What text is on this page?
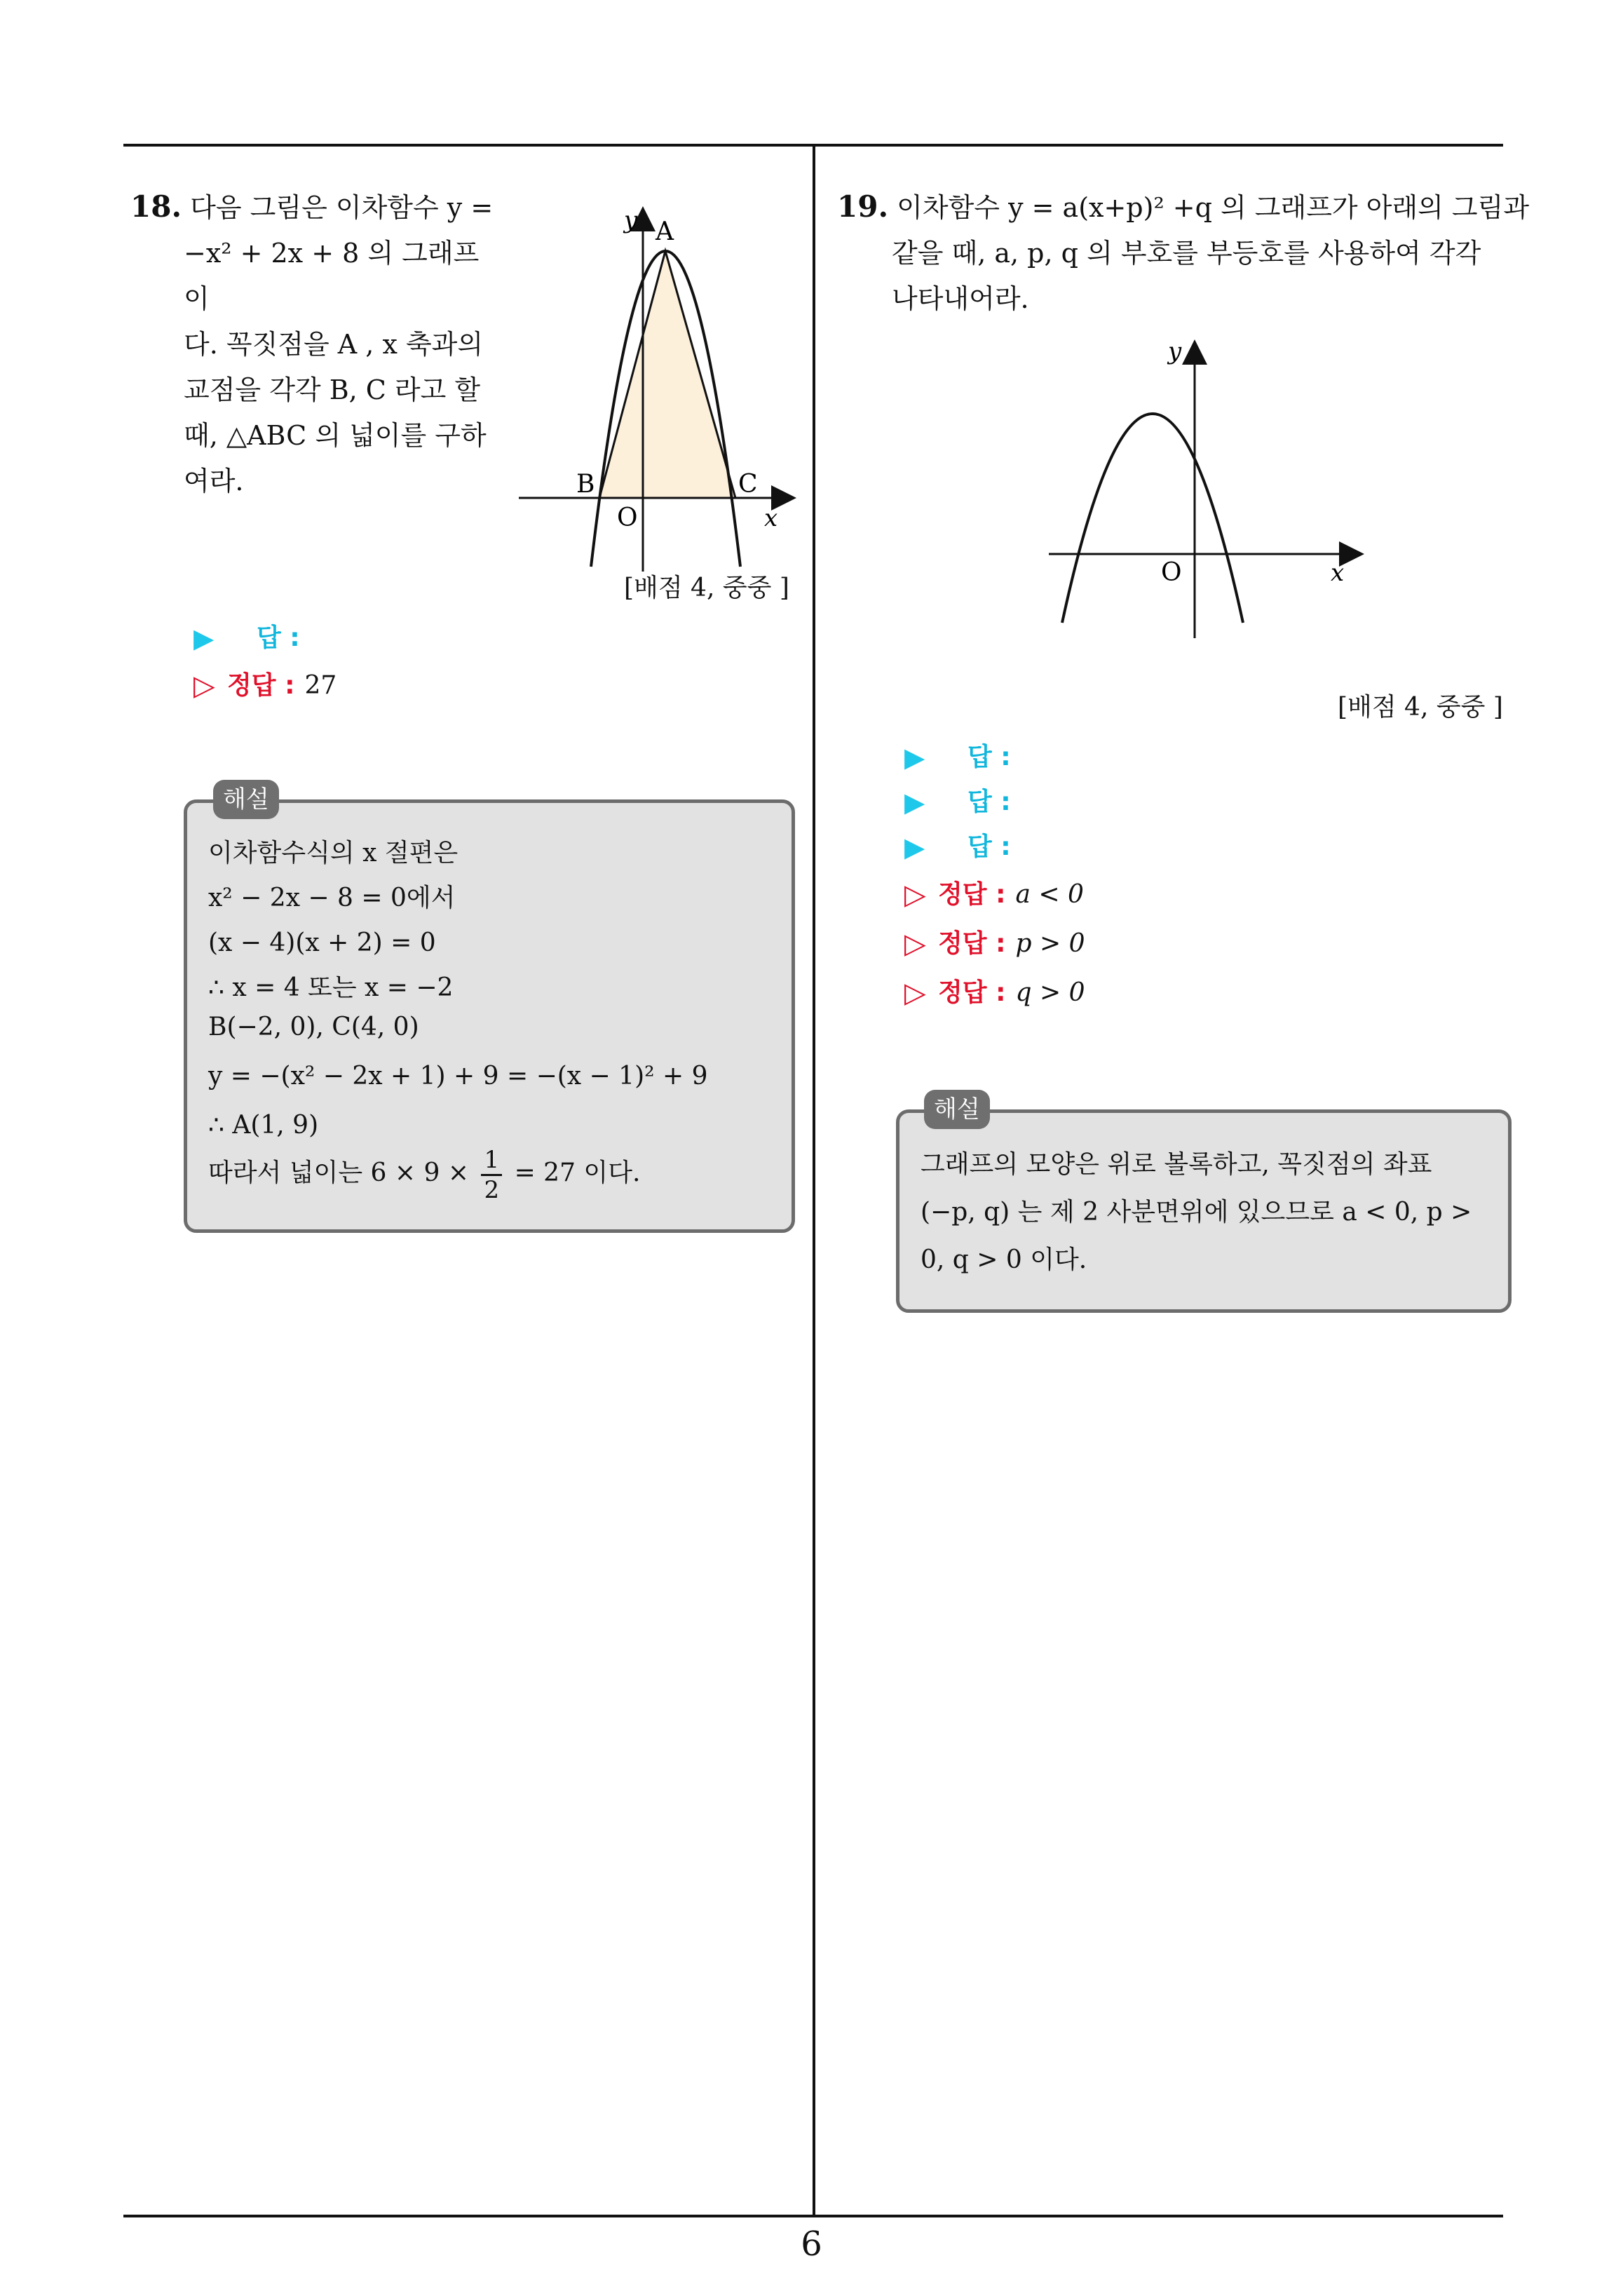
18. 다음 그림은 이차함수 y =
−x² + 2x + 8 의 그래프이
다. 꼭짓점을 A , x 축과의
교점을 각각 B, C 라고 할
때, △ABC 의 넓이를 구하
여라.
y A
B	C
O	x
[배점 4, 중중 ]
▶	답 :
▷ 정답 : 27
이차함수식의 x 절편은
x² − 2x − 8 = 0에서
(x − 4)(x + 2) = 0
∴ x = 4 또는 x = −2
B(−2, 0), C(4, 0)
y = −(x² − 2x + 1) + 9 = −(x − 1)² + 9
∴ A(1, 9)
따라서 넓이는 $6 \times 9 \times \frac{1}{2} = 27$ 이다.
해설
19. 이차함수 y = a(x+p)² +q 의 그래프가 아래의 그림과
같을 때, a, p, q 의 부호를 부등호를 사용하여 각각
나타내어라.
y
O	x
[배점 4, 중중 ]
▶	답 :
▶	답 :
▶	답 :
▷ 정답 : a < 0
▷ 정답 : p > 0
▷ 정답 : q > 0
그래프의 모양은 위로 볼록하고, 꼭짓점의 좌표
(−p, q) 는 제 2 사분면위에 있으므로 a < 0, p >
0, q > 0 이다.
해설
6
